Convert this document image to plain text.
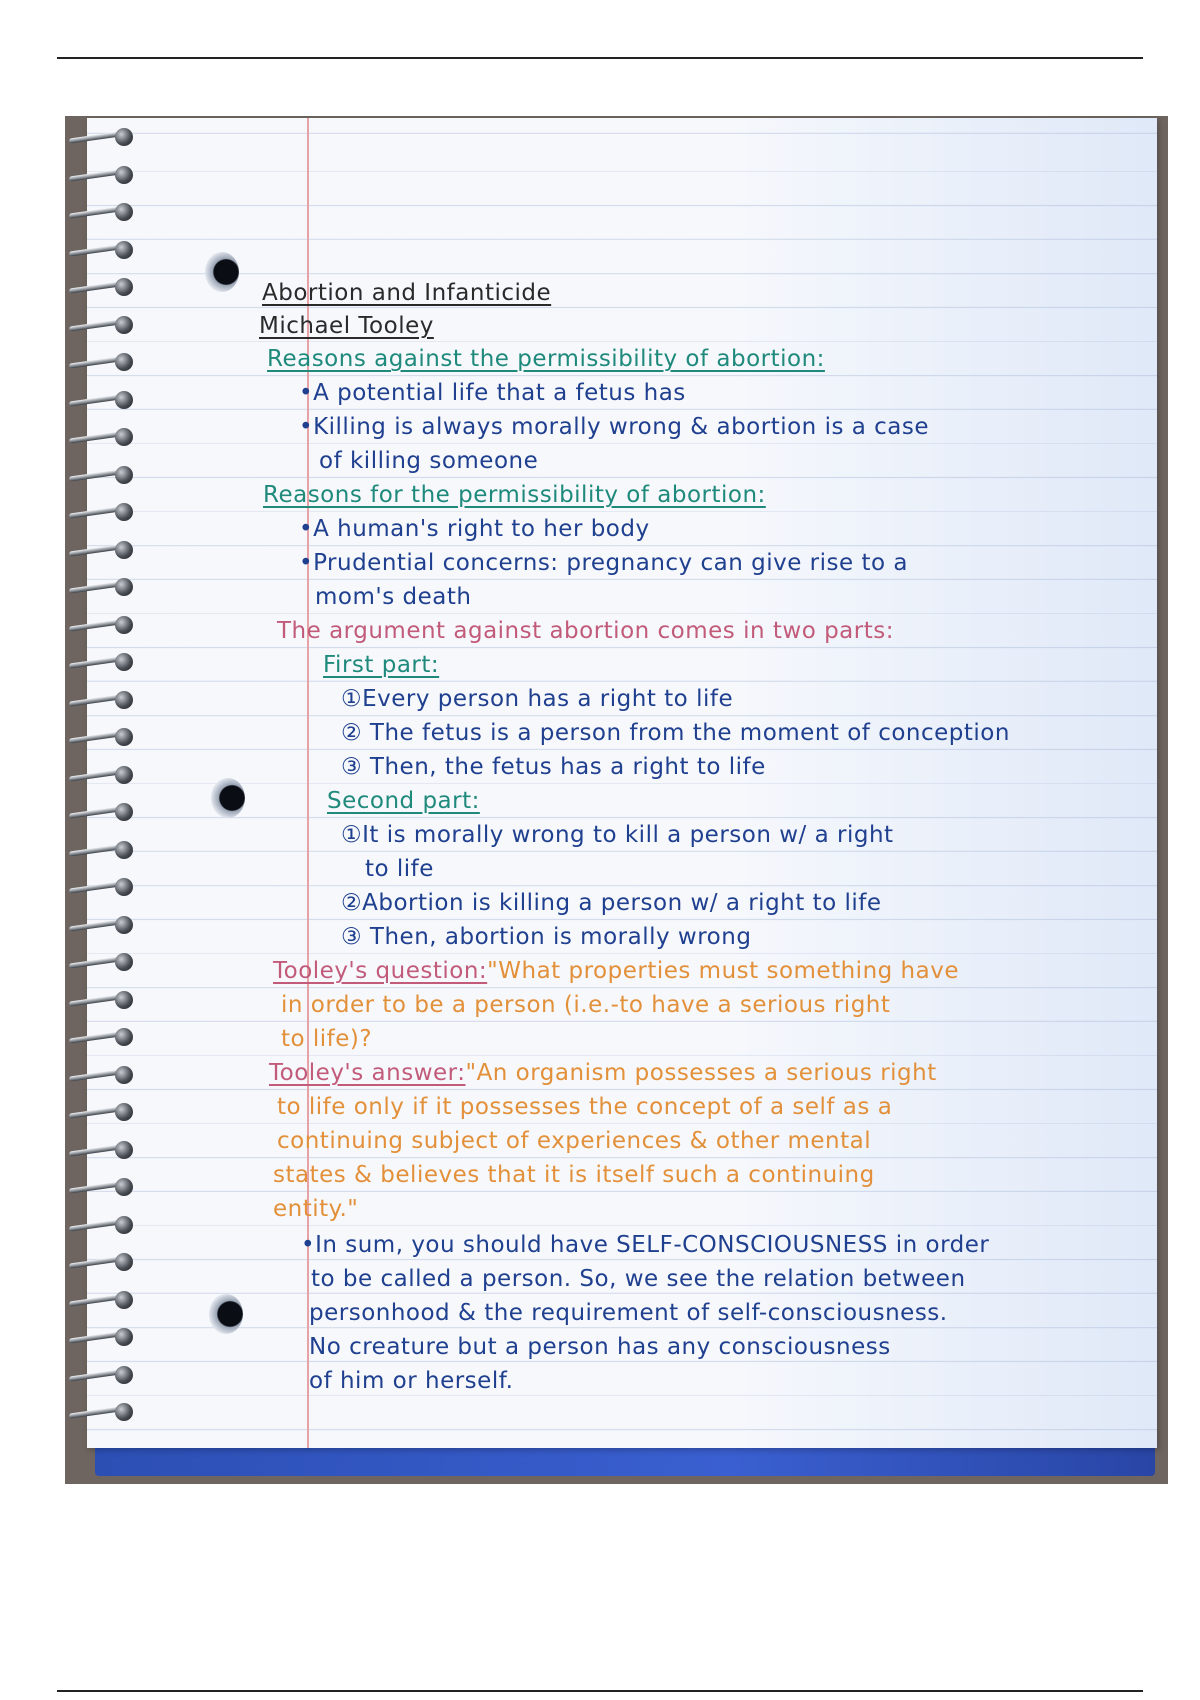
Abortion and Infanticide
Michael Tooley
Reasons against the permissibility of abortion:
•A potential life that a fetus has
•Killing is always morally wrong & abortion is a case
of killing someone
Reasons for the permissibility of abortion:
•A human's right to her body
•Prudential concerns: pregnancy can give rise to a
mom's death
The argument against abortion comes in two parts:
First part:
①Every person has a right to life
② The fetus is a person from the moment of conception
③ Then, the fetus has a right to life
Second part:
①It is morally wrong to kill a person w/ a right
to life
②Abortion is killing a person w/ a right to life
③ Then, abortion is morally wrong
Tooley's question:"What properties must something have
in order to be a person (i.e.-to have a serious right
to life)?
Tooley's answer:"An organism possesses a serious right
to life only if it possesses the concept of a self as a
continuing subject of experiences & other mental
states & believes that it is itself such a continuing
entity."
•In sum, you should have SELF-CONSCIOUSNESS in order
to be called a person. So, we see the relation between
personhood & the requirement of self-consciousness.
No creature but a person has any consciousness
of him or herself.
